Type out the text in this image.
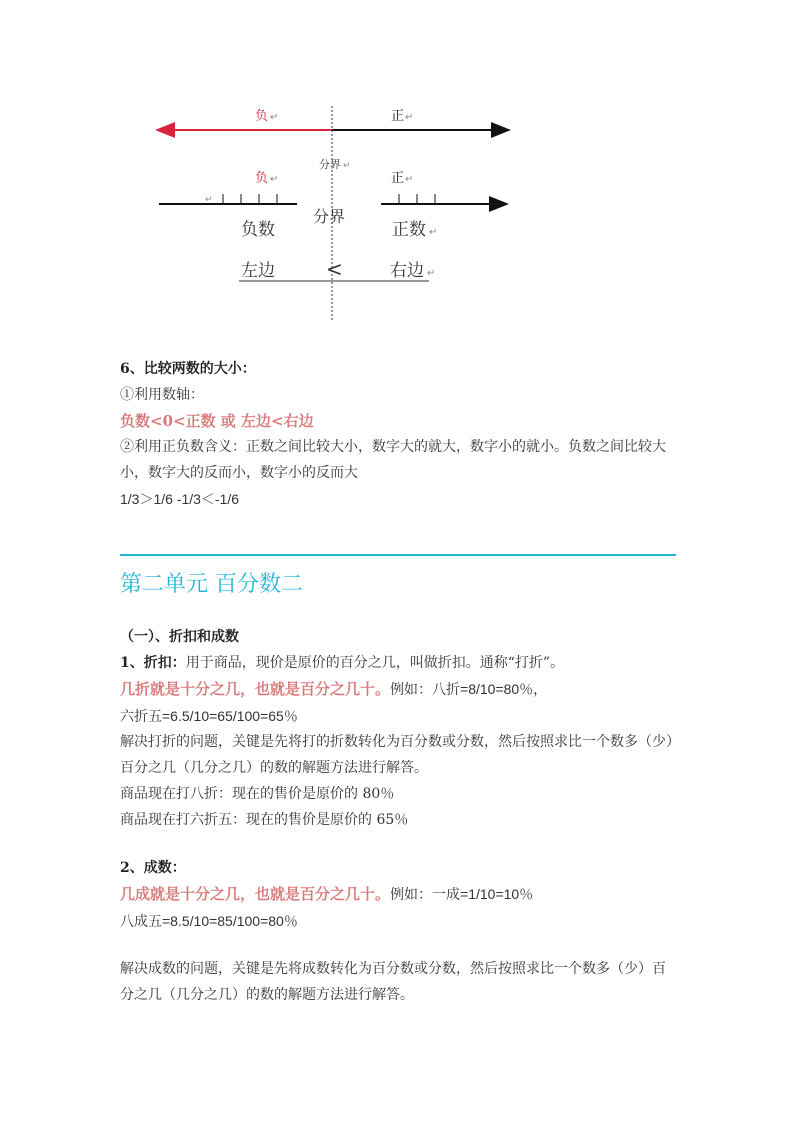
负 ↵	正 ↵
分界 ↵
负 ↵	正 ↵
↵
分界
负数	正数 ↵
左边	<	右边 ↵

6、比较两数的大小：

①利用数轴：

负数<0<正数 或 左边<右边

②利用正负数含义：正数之间比较大小，数字大的就大，数字小的就小。负数之间比较大小，数字大的反而小，数字小的反而大

1/3＞1/6 -1/3＜-1/6

第二单元 百分数二

（一）、折扣和成数

1、折扣：用于商品，现价是原价的百分之几，叫做折扣。通称“打折”。

几折就是十分之几，也就是百分之几十。例如：八折=8/10=80％，

六折五=6.5/10=65/100=65％

解决打折的问题，关键是先将打的折数转化为百分数或分数，然后按照求比一个数多（少）百分之几（几分之几）的数的解题方法进行解答。

商品现在打八折：现在的售价是原价的 80％

商品现在打六折五：现在的售价是原价的 65％

2、成数：

几成就是十分之几，也就是百分之几十。例如：一成=1/10=10％

八成五=8.5/10=85/100=80％

解决成数的问题，关键是先将成数转化为百分数或分数，然后按照求比一个数多（少）百分之几（几分之几）的数的解题方法进行解答。
